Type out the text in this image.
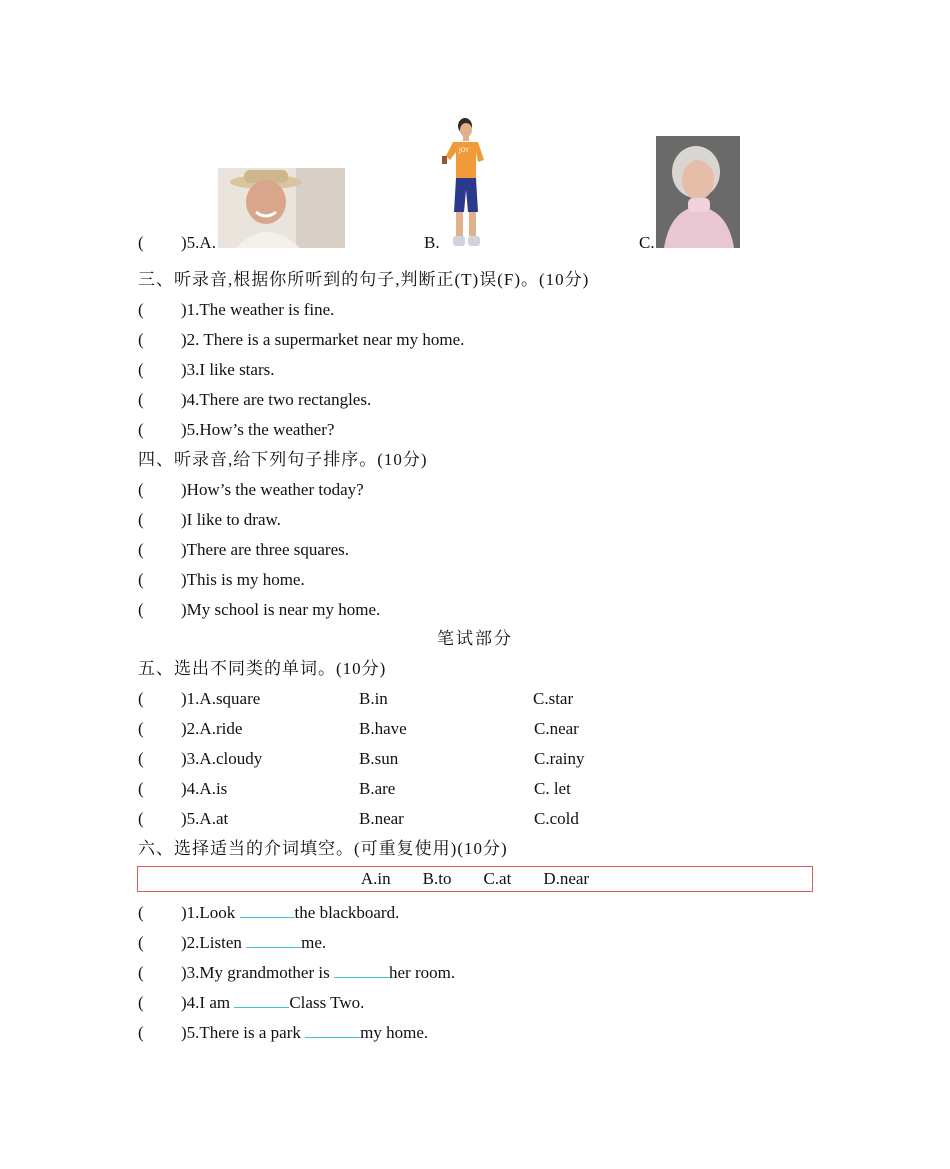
JOY
( )5.A.	B.	C.
三、听录音,根据你所听到的句子,判断正(T)误(F)。(10分)
( )1.The weather is fine.
( )2. There is a supermarket near my home.
( )3.I like stars.
( )4.There are two rectangles.
( )5.How’s the weather?
四、听录音,给下列句子排序。(10分)
( )How’s the weather today?
( )I like to draw.
( )There are three squares.
( )This is my home.
( )My school is near my home.
笔试部分
五、选出不同类的单词。(10分)
( )1.A.square	B.in	C.star
( )2.A.ride	B.have	C.near
( )3.A.cloudy	B.sun	C.rainy
( )4.A.is	B.are	C. let
( )5.A.at	B.near	C.cold
六、选择适当的介词填空。(可重复使用)(10分)
A.in B.to C.at D.near
( )1.Look	the blackboard.
( )2.Listen	me.
( )3.My grandmother is	her room.
( )4.I am	Class Two.
( )5.There is a park	my home.
